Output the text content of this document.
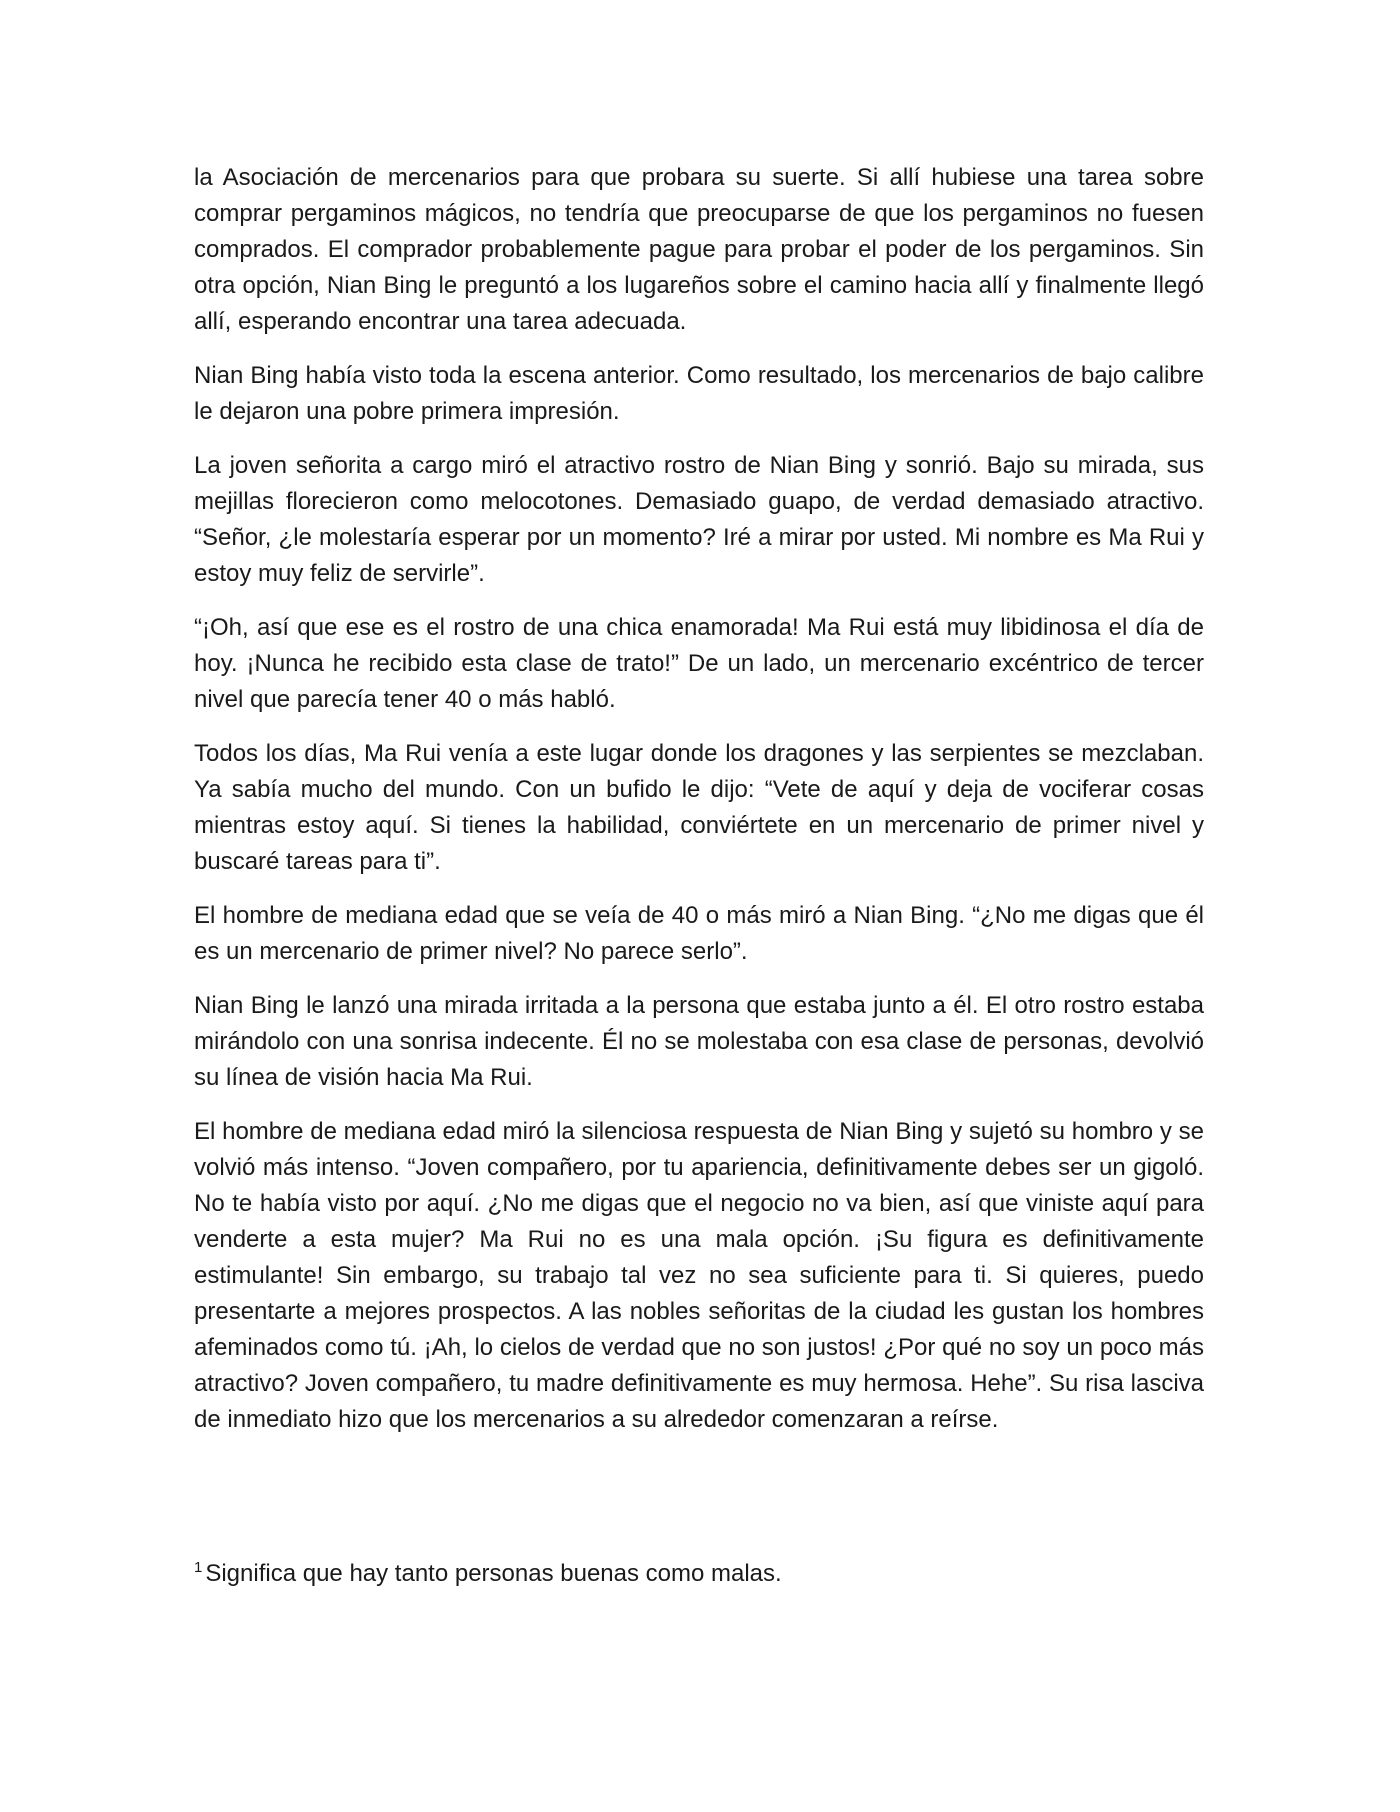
la Asociación de mercenarios para que probara su suerte. Si allí hubiese una tarea sobre comprar pergaminos mágicos, no tendría que preocuparse de que los pergaminos no fuesen comprados. El comprador probablemente pague para probar el poder de los pergaminos. Sin otra opción, Nian Bing le preguntó a los lugareños sobre el camino hacia allí y finalmente llegó allí, esperando encontrar una tarea adecuada.

Nian Bing había visto toda la escena anterior. Como resultado, los mercenarios de bajo calibre le dejaron una pobre primera impresión.

La joven señorita a cargo miró el atractivo rostro de Nian Bing y sonrió. Bajo su mirada, sus mejillas florecieron como melocotones. Demasiado guapo, de verdad demasiado atractivo. “Señor, ¿le molestaría esperar por un momento? Iré a mirar por usted. Mi nombre es Ma Rui y estoy muy feliz de servirle”.

“¡Oh, así que ese es el rostro de una chica enamorada! Ma Rui está muy libidinosa el día de hoy. ¡Nunca he recibido esta clase de trato!” De un lado, un mercenario excéntrico de tercer nivel que parecía tener 40 o más habló.

Todos los días, Ma Rui venía a este lugar donde los dragones y las serpientes se mezclaban. Ya sabía mucho del mundo. Con un bufido le dijo: “Vete de aquí y deja de vociferar cosas mientras estoy aquí. Si tienes la habilidad, conviértete en un mercenario de primer nivel y buscaré tareas para ti”.

El hombre de mediana edad que se veía de 40 o más miró a Nian Bing. “¿No me digas que él es un mercenario de primer nivel? No parece serlo”.

Nian Bing le lanzó una mirada irritada a la persona que estaba junto a él. El otro rostro estaba mirándolo con una sonrisa indecente. Él no se molestaba con esa clase de personas, devolvió su línea de visión hacia Ma Rui.

El hombre de mediana edad miró la silenciosa respuesta de Nian Bing y sujetó su hombro y se volvió más intenso. “Joven compañero, por tu apariencia, definitivamente debes ser un gigoló. No te había visto por aquí. ¿No me digas que el negocio no va bien, así que viniste aquí para venderte a esta mujer? Ma Rui no es una mala opción. ¡Su figura es definitivamente estimulante! Sin embargo, su trabajo tal vez no sea suficiente para ti. Si quieres, puedo presentarte a mejores prospectos. A las nobles señoritas de la ciudad les gustan los hombres afeminados como tú. ¡Ah, lo cielos de verdad que no son justos! ¿Por qué no soy un poco más atractivo? Joven compañero, tu madre definitivamente es muy hermosa. Hehe”. Su risa lasciva de inmediato hizo que los mercenarios a su alrededor comenzaran a reírse.

$^1$ Significa que hay tanto personas buenas como malas.
